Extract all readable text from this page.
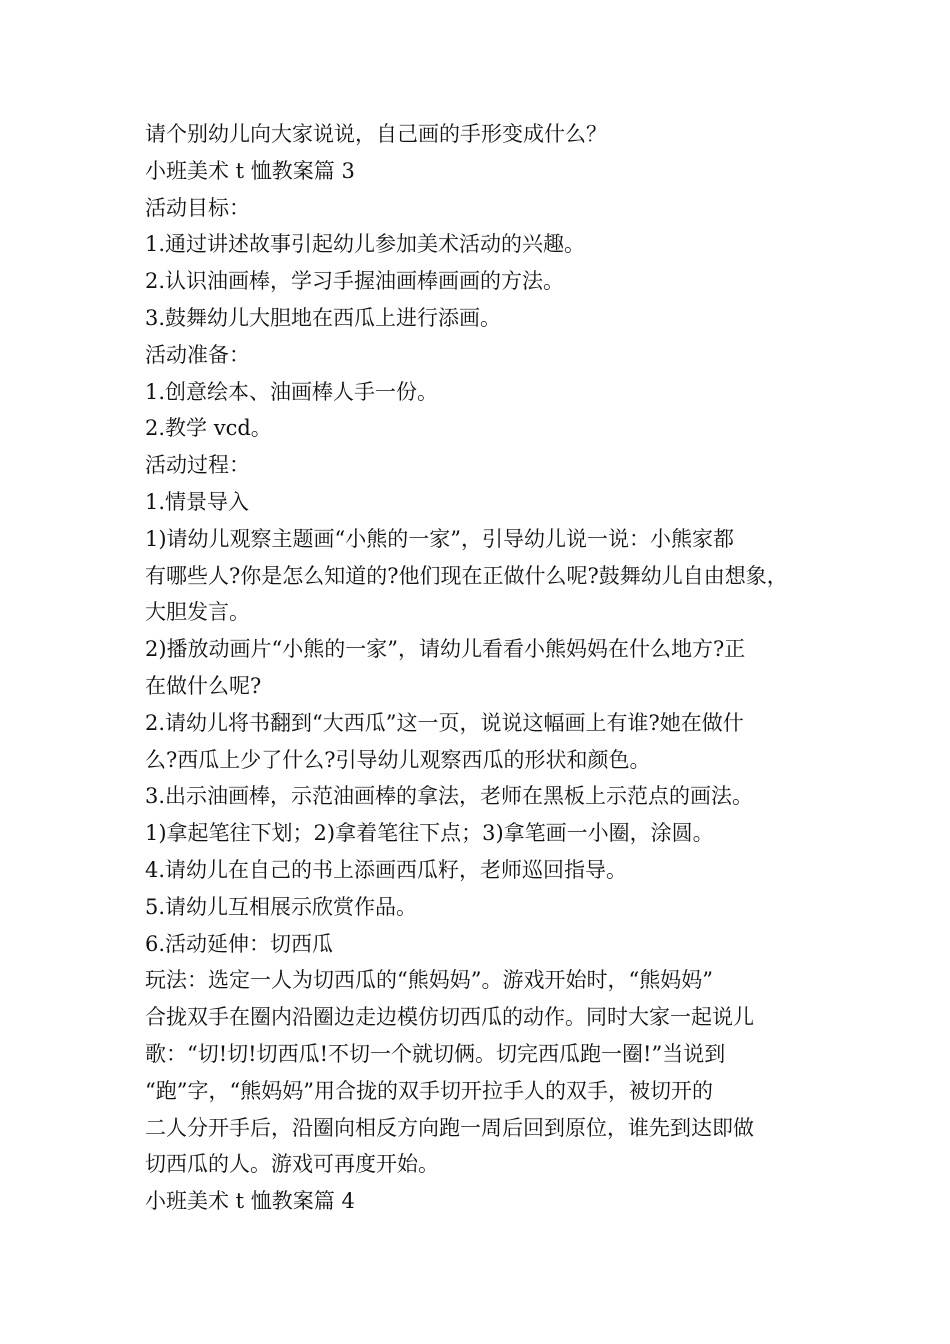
请个别幼儿向大家说说，自己画的手形变成什么？

小班美术 t 恤教案篇 3

活动目标：

1.通过讲述故事引起幼儿参加美术活动的兴趣。

2.认识油画棒，学习手握油画棒画画的方法。

3.鼓舞幼儿大胆地在西瓜上进行添画。

活动准备：

1.创意绘本、油画棒人手一份。

2.教学 vcd。

活动过程：

1.情景导入

1)请幼儿观察主题画“小熊的一家”，引导幼儿说一说：小熊家都

有哪些人?你是怎么知道的?他们现在正做什么呢?鼓舞幼儿自由想象，

大胆发言。

2)播放动画片“小熊的一家”，请幼儿看看小熊妈妈在什么地方?正

在做什么呢?

2.请幼儿将书翻到“大西瓜”这一页，说说这幅画上有谁?她在做什

么?西瓜上少了什么?引导幼儿观察西瓜的形状和颜色。

3.出示油画棒，示范油画棒的拿法，老师在黑板上示范点的画法。

1)拿起笔往下划；2)拿着笔往下点；3)拿笔画一小圈，涂圆。

4.请幼儿在自己的书上添画西瓜籽，老师巡回指导。

5.请幼儿互相展示欣赏作品。

6.活动延伸：切西瓜

玩法：选定一人为切西瓜的“熊妈妈”。游戏开始时，“熊妈妈”

合拢双手在圈内沿圈边走边模仿切西瓜的动作。同时大家一起说儿

歌：“切!切!切西瓜!不切一个就切俩。切完西瓜跑一圈!”当说到

“跑”字，“熊妈妈”用合拢的双手切开拉手人的双手，被切开的

二人分开手后，沿圈向相反方向跑一周后回到原位，谁先到达即做

切西瓜的人。游戏可再度开始。

小班美术 t 恤教案篇 4
